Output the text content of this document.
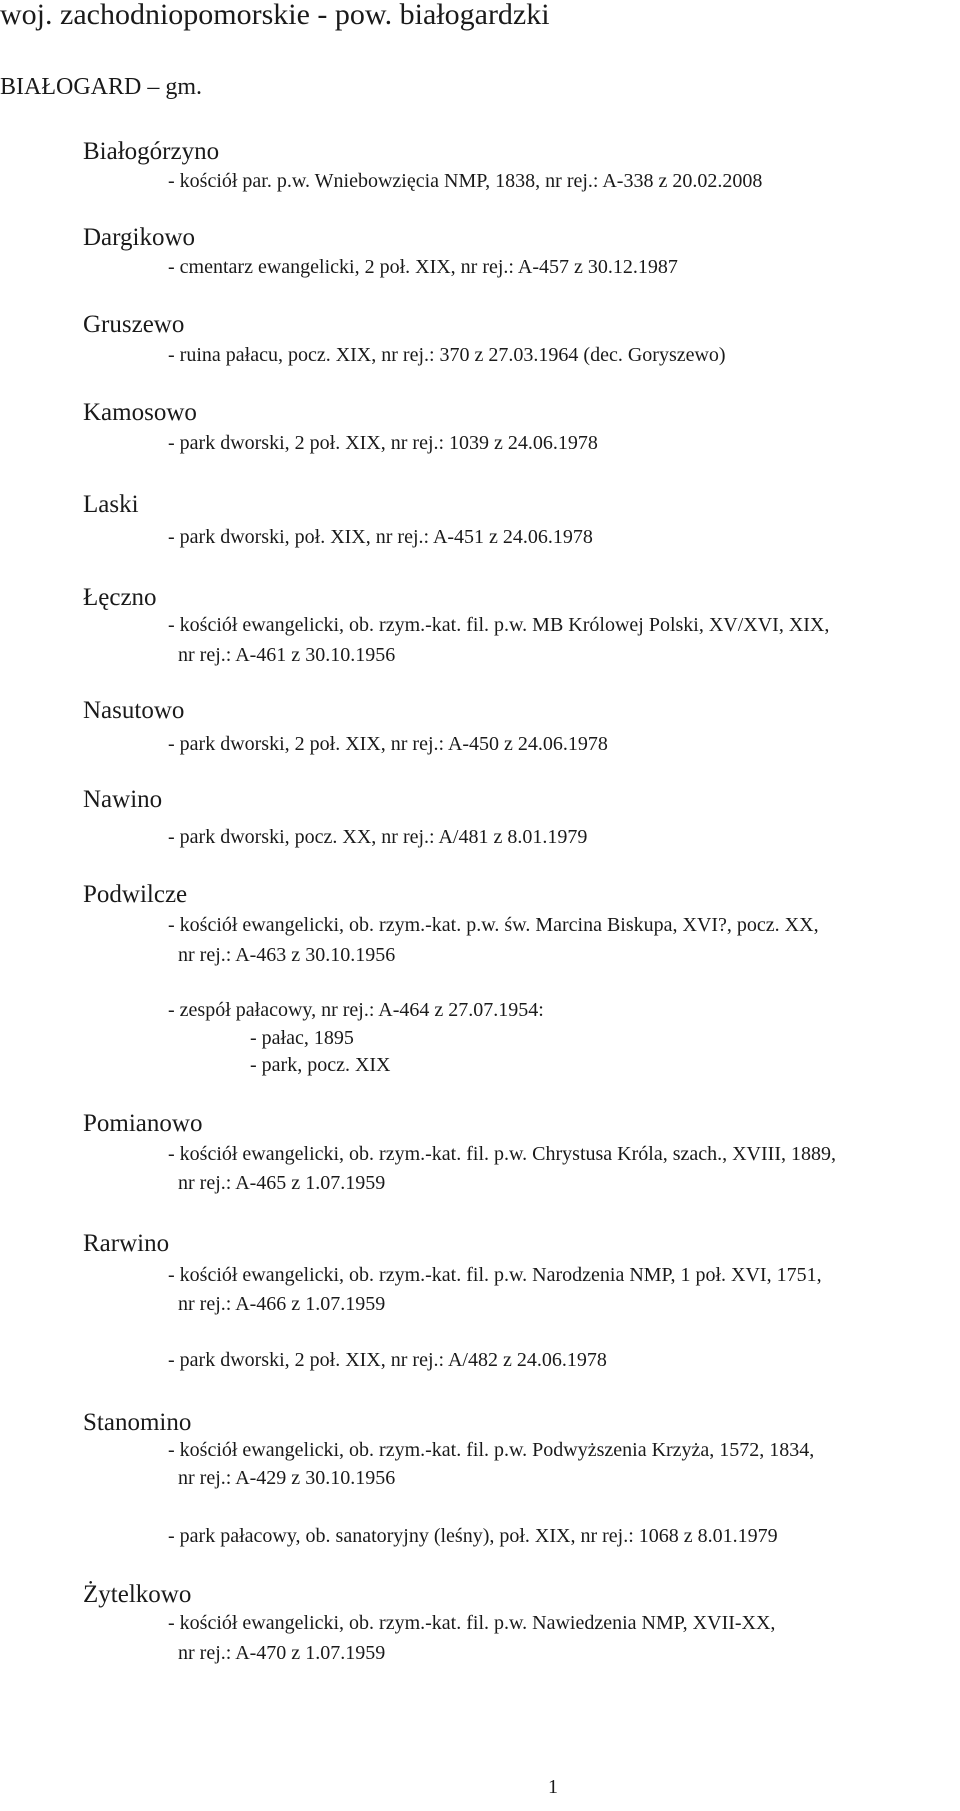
woj. zachodniopomorskie - pow. białogardzki
BIAŁOGARD – gm.
Białogórzyno
- kościół par. p.w. Wniebowzięcia NMP, 1838, nr rej.: A-338 z 20.02.2008
Dargikowo
- cmentarz ewangelicki, 2 poł. XIX, nr rej.: A-457 z 30.12.1987
Gruszewo
- ruina pałacu, pocz. XIX, nr rej.: 370 z 27.03.1964 (dec. Goryszewo)
Kamosowo
- park dworski, 2 poł. XIX, nr rej.: 1039 z 24.06.1978
Laski
- park dworski, poł. XIX, nr rej.: A-451 z 24.06.1978
Łęczno
- kościół ewangelicki, ob. rzym.-kat. fil. p.w. MB Królowej Polski, XV/XVI, XIX,
nr rej.: A-461 z 30.10.1956
Nasutowo
- park dworski, 2 poł. XIX, nr rej.: A-450 z 24.06.1978
Nawino
- park dworski, pocz. XX, nr rej.: A/481 z 8.01.1979
Podwilcze
- kościół ewangelicki, ob. rzym.-kat. p.w. św. Marcina Biskupa, XVI?, pocz. XX,
nr rej.: A-463 z 30.10.1956
- zespół pałacowy, nr rej.: A-464 z 27.07.1954:
- pałac, 1895
- park, pocz. XIX
Pomianowo
- kościół ewangelicki, ob. rzym.-kat. fil. p.w. Chrystusa Króla, szach., XVIII, 1889,
nr rej.: A-465 z 1.07.1959
Rarwino
- kościół ewangelicki, ob. rzym.-kat. fil. p.w. Narodzenia NMP, 1 poł. XVI, 1751,
nr rej.: A-466 z 1.07.1959
- park dworski, 2 poł. XIX, nr rej.: A/482 z 24.06.1978
Stanomino
- kościół ewangelicki, ob. rzym.-kat. fil. p.w. Podwyższenia Krzyża, 1572, 1834,
nr rej.: A-429 z 30.10.1956
- park pałacowy, ob. sanatoryjny (leśny), poł. XIX, nr rej.: 1068 z 8.01.1979
Żytelkowo
- kościół ewangelicki, ob. rzym.-kat. fil. p.w. Nawiedzenia NMP, XVII-XX,
nr rej.: A-470 z 1.07.1959
1
